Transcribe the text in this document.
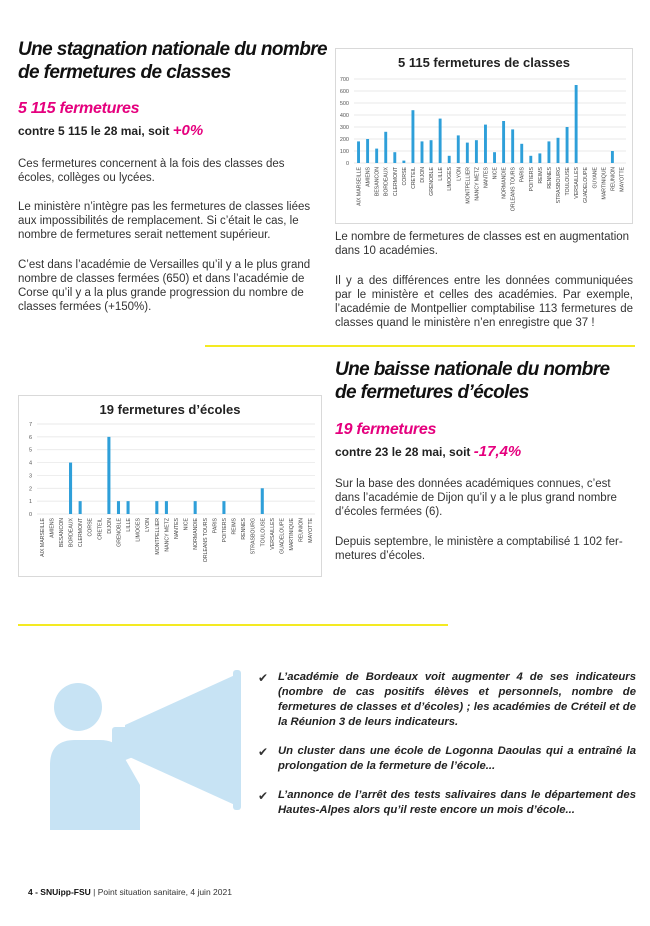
Une stagnation nationale du nombre
de fermetures de classes
5 115 fermetures
contre 5 115 le 28 mai, soit +0%

Ces fermetures concernent à la fois des classes des écoles, collèges ou lycées.

Le ministère n’intègre pas les fermetures de classes liées aux impossibilités de remplacement. Si c’était le cas, le nombre de fermetures serait nettement supérieur.

C’est dans l’académie de Versailles qu’il y a le plus grand nombre de classes fermées (650) et dans l’académie de Corse qu’il y a la plus grande progression du nombre de classes fermées (+150%).

5 115 fermetures de classes
0
100
200
300
400
500
600
700
AIX MARSEILLE AMIENS BESANCON BORDEAUX CLERMONT CORSE CRETEIL DIJON GRENOBLE LILLE LIMOGES LYON MONTPELLIER NANCY METZ NANTES NICE NORMANDIE ORLEANS TOURS PARIS POITIERS REIMS RENNES STRASBOURG TOULOUSE VERSAILLES GUADELOUPE GUYANE MARTINIQUE REUNION MAYOTTE

Le nombre de fermetures de classes est en augmentation dans 10 académies.

Il y a des différences entre les données communiquées par le ministère et celles des académies. Par exemple, l’académie de Montpellier comptabilise 113 fermetures de classes quand le ministère n’en enregistre que 37 !

Une baisse nationale du nombre
de fermetures d’écoles
19 fermetures
contre 23 le 28 mai, soit -17,4%

Sur la base des données académiques connues, c’est dans l’académie de Dijon qu’il y a le plus grand nombre d’écoles fermées (6).

Depuis septembre, le ministère a comptabilisé 1 102 fermetures d’écoles.

19 fermetures d’écoles
0
1
2
3
4
5
6
7
AIX MARSEILLE AMIENS BESANCON BORDEAUX CLERMONT CORSE CRETEIL DIJON GRENOBLE LILLE LIMOGES LYON MONTPELLIER NANCY METZ NANTES NICE NORMANDIE ORLEANS TOURS PARIS POITIERS REIMS RENNES STRASBOURG TOULOUSE VERSAILLES GUADELOUPE MARTINIQUE REUNION MAYOTTE
✔ L’académie de Bordeaux voit augmenter 4 de ses indicateurs (nombre de cas positifs élèves et personnels, nombre de fermetures de classes et d’écoles) ; les académies de Créteil et de la Réunion 3 de leurs indicateurs.
✔ Un cluster dans une école de Logonna Daoulas qui a entraîné la prolongation de la fermeture de l’école...
✔ L’annonce de l’arrêt des tests salivaires dans le département des Hautes-Alpes alors qu’il reste encore un mois d’école...
4 - SNUipp-FSU | Point situation sanitaire, 4 juin 2021
